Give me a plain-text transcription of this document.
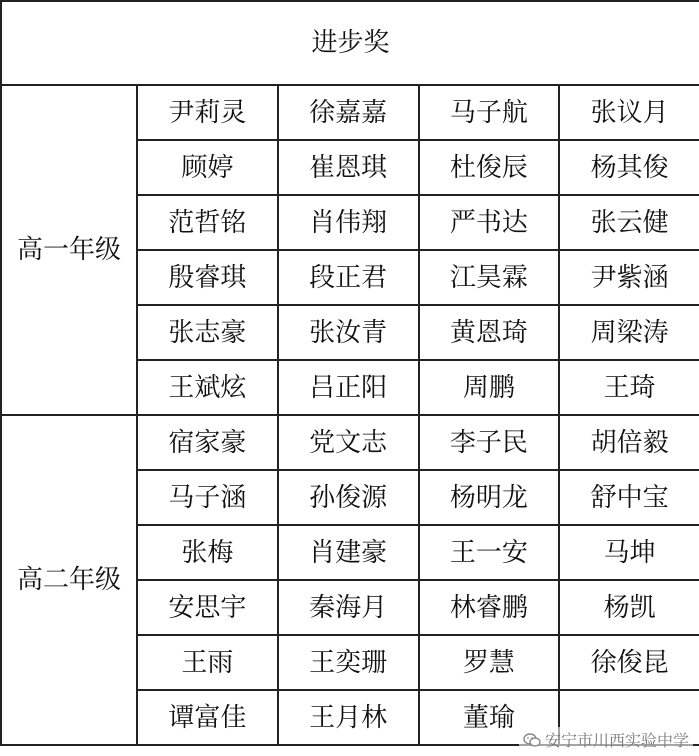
进步奖				
高一年级	尹莉灵	徐嘉嘉	马子航	张议月
	顾婷	崔恩琪	杜俊辰	杨其俊
	范哲铭	肖伟翔	严书达	张云健
	殷睿琪	段正君	江昊霖	尹紫涵
	张志豪	张汝青	黄恩琦	周梁涛
	王斌炫	吕正阳	周鹏	王琦
高二年级	宿家豪	党文志	李子民	胡倍毅
	马子涵	孙俊源	杨明龙	舒中宝
	张梅	肖建豪	王一安	马坤
	安思宇	秦海月	林睿鹏	杨凯
	王雨	王奕珊	罗慧	徐俊昆
	谭富佳	王月林	董瑜	
安宁市川西实验中学
